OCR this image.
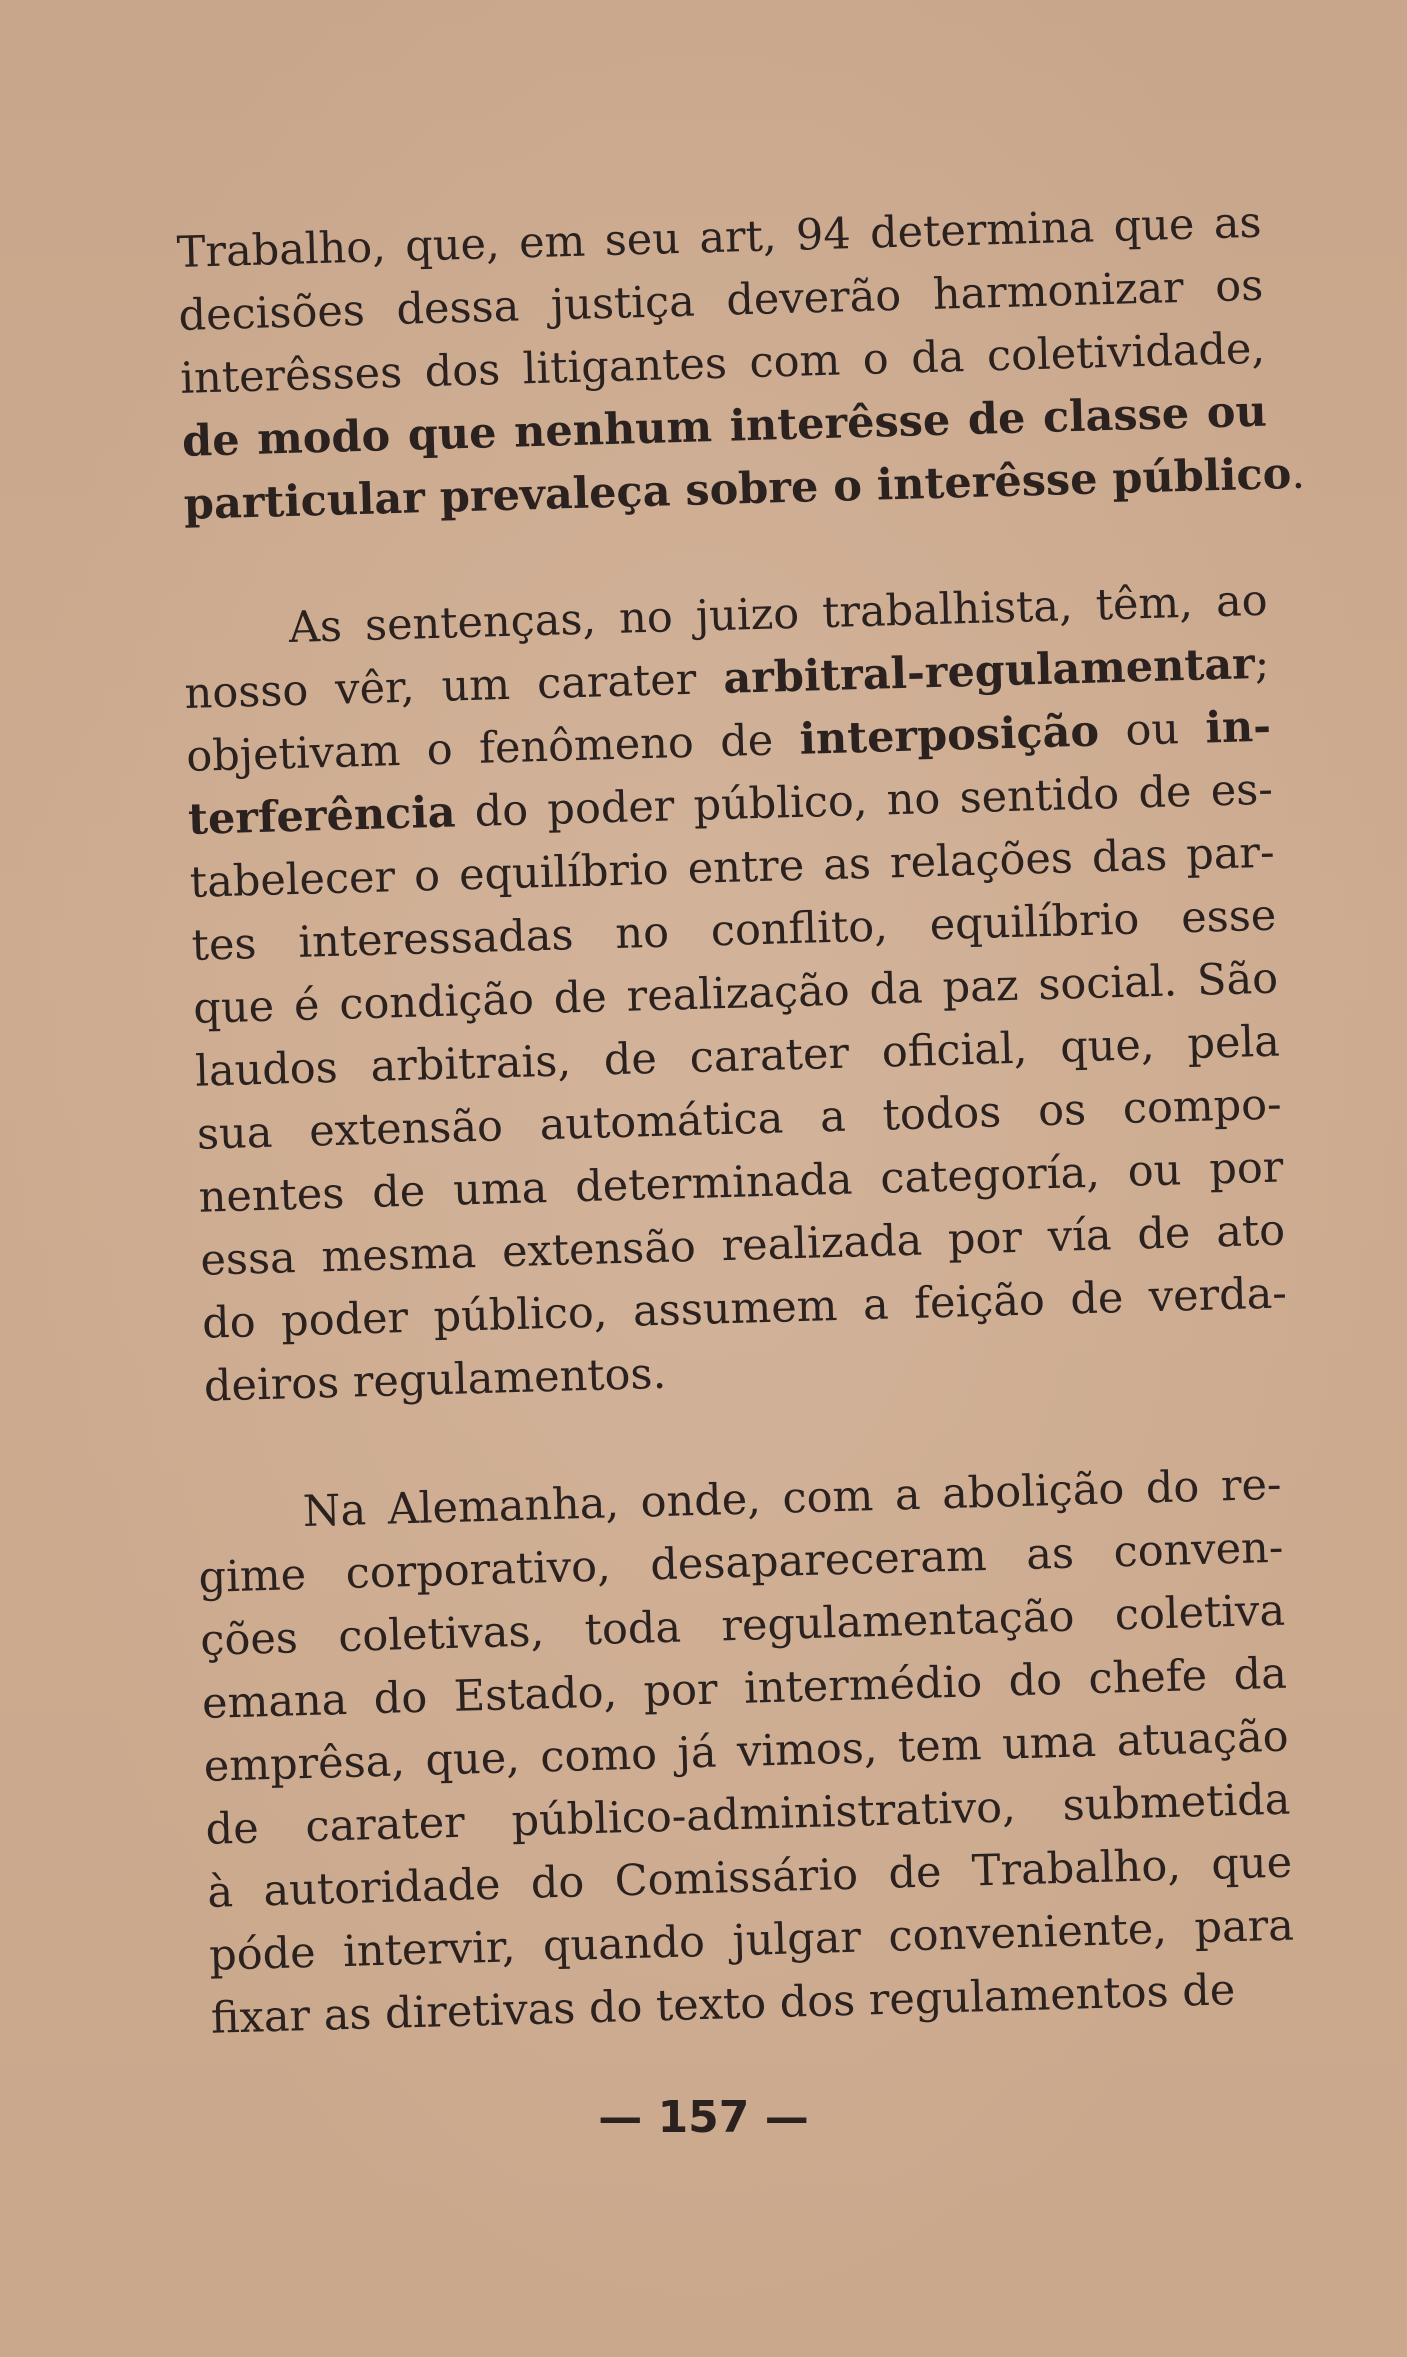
Trabalho, que, em seu art, 94 determina que as
decisões dessa justiça deverão harmonizar os
interêsses dos litigantes com o da coletividade,
de modo que nenhum interêsse de classe ou
particular prevaleça sobre o interêsse público.
As sentenças, no juizo trabalhista, têm, ao
nosso vêr, um carater arbitral-regulamentar;
objetivam o fenômeno de interposição ou in-
terferência do poder público, no sentido de es-
tabelecer o equilíbrio entre as relações das par-
tes interessadas no conflito, equilíbrio esse
que é condição de realização da paz social. São
laudos arbitrais, de carater oficial, que, pela
sua extensão automática a todos os compo-
nentes de uma determinada categoría, ou por
essa mesma extensão realizada por vía de ato
do poder público, assumem a feição de verda-
deiros regulamentos.
Na Alemanha, onde, com a abolição do re-
gime corporativo, desapareceram as conven-
ções coletivas, toda regulamentação coletiva
emana do Estado, por intermédio do chefe da
emprêsa, que, como já vimos, tem uma atuação
de carater público-administrativo, submetida
à autoridade do Comissário de Trabalho, que
póde intervir, quando julgar conveniente, para
fixar as diretivas do texto dos regulamentos de
— 157 —
